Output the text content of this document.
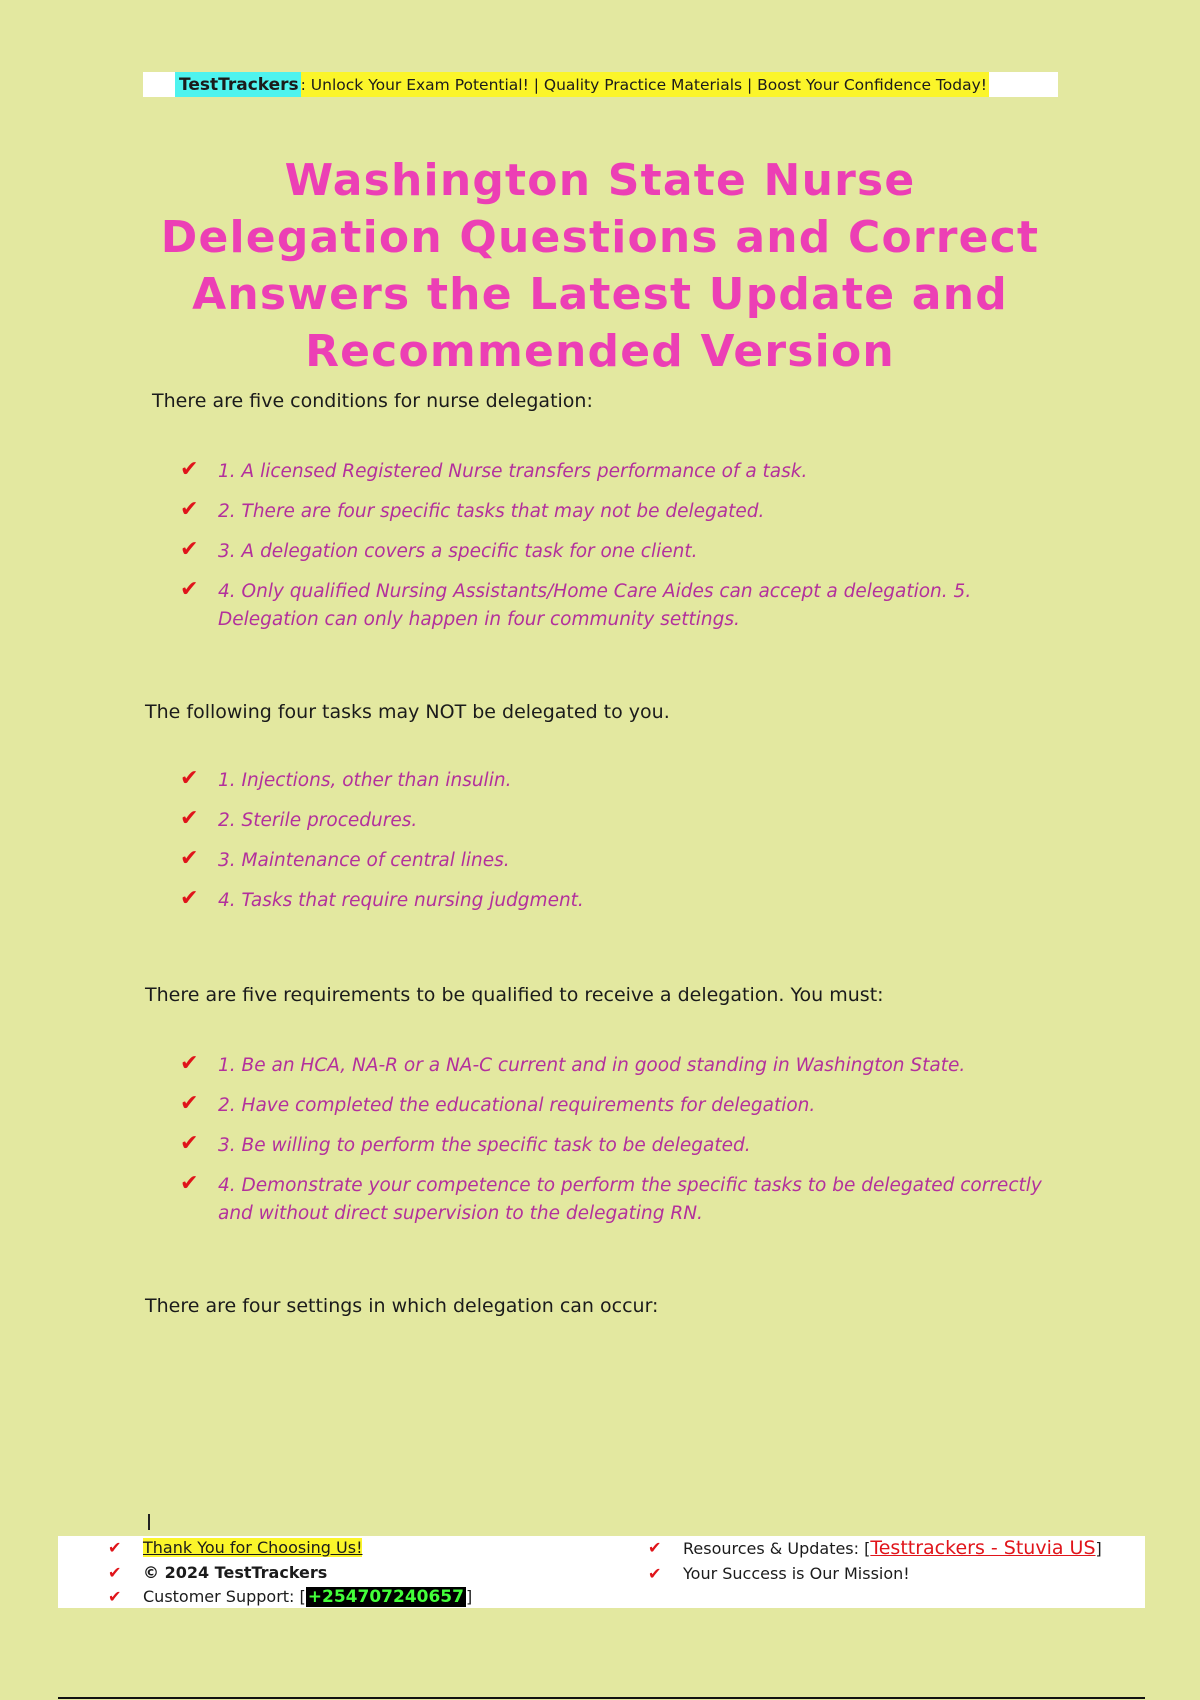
TestTrackers : Unlock Your Exam Potential! | Quality Practice Materials | Boost Your Confidence Today!
Washington State Nurse Delegation Questions and Correct Answers the Latest Update and Recommended Version

There are five conditions for nurse delegation:

✔ 1. A licensed Registered Nurse transfers performance of a task.
✔ 2. There are four specific tasks that may not be delegated.
✔ 3. A delegation covers a specific task for one client.
✔ 4. Only qualified Nursing Assistants/Home Care Aides can accept a delegation. 5. Delegation can only happen in four community settings.

The following four tasks may NOT be delegated to you.

✔ 1. Injections, other than insulin.
✔ 2. Sterile procedures.
✔ 3. Maintenance of central lines.
✔ 4. Tasks that require nursing judgment.

There are five requirements to be qualified to receive a delegation. You must:

✔ 1. Be an HCA, NA-R or a NA-C current and in good standing in Washington State.
✔ 2. Have completed the educational requirements for delegation.
✔ 3. Be willing to perform the specific task to be delegated.
✔ 4. Demonstrate your competence to perform the specific tasks to be delegated correctly and without direct supervision to the delegating RN.

There are four settings in which delegation can occur:

✔ Thank You for Choosing Us!
✔ © 2024 TestTrackers
✔ Customer Support: [ +254707240657 ]
✔ Resources & Updates: [Testtrackers - Stuvia US]
✔ Your Success is Our Mission!
